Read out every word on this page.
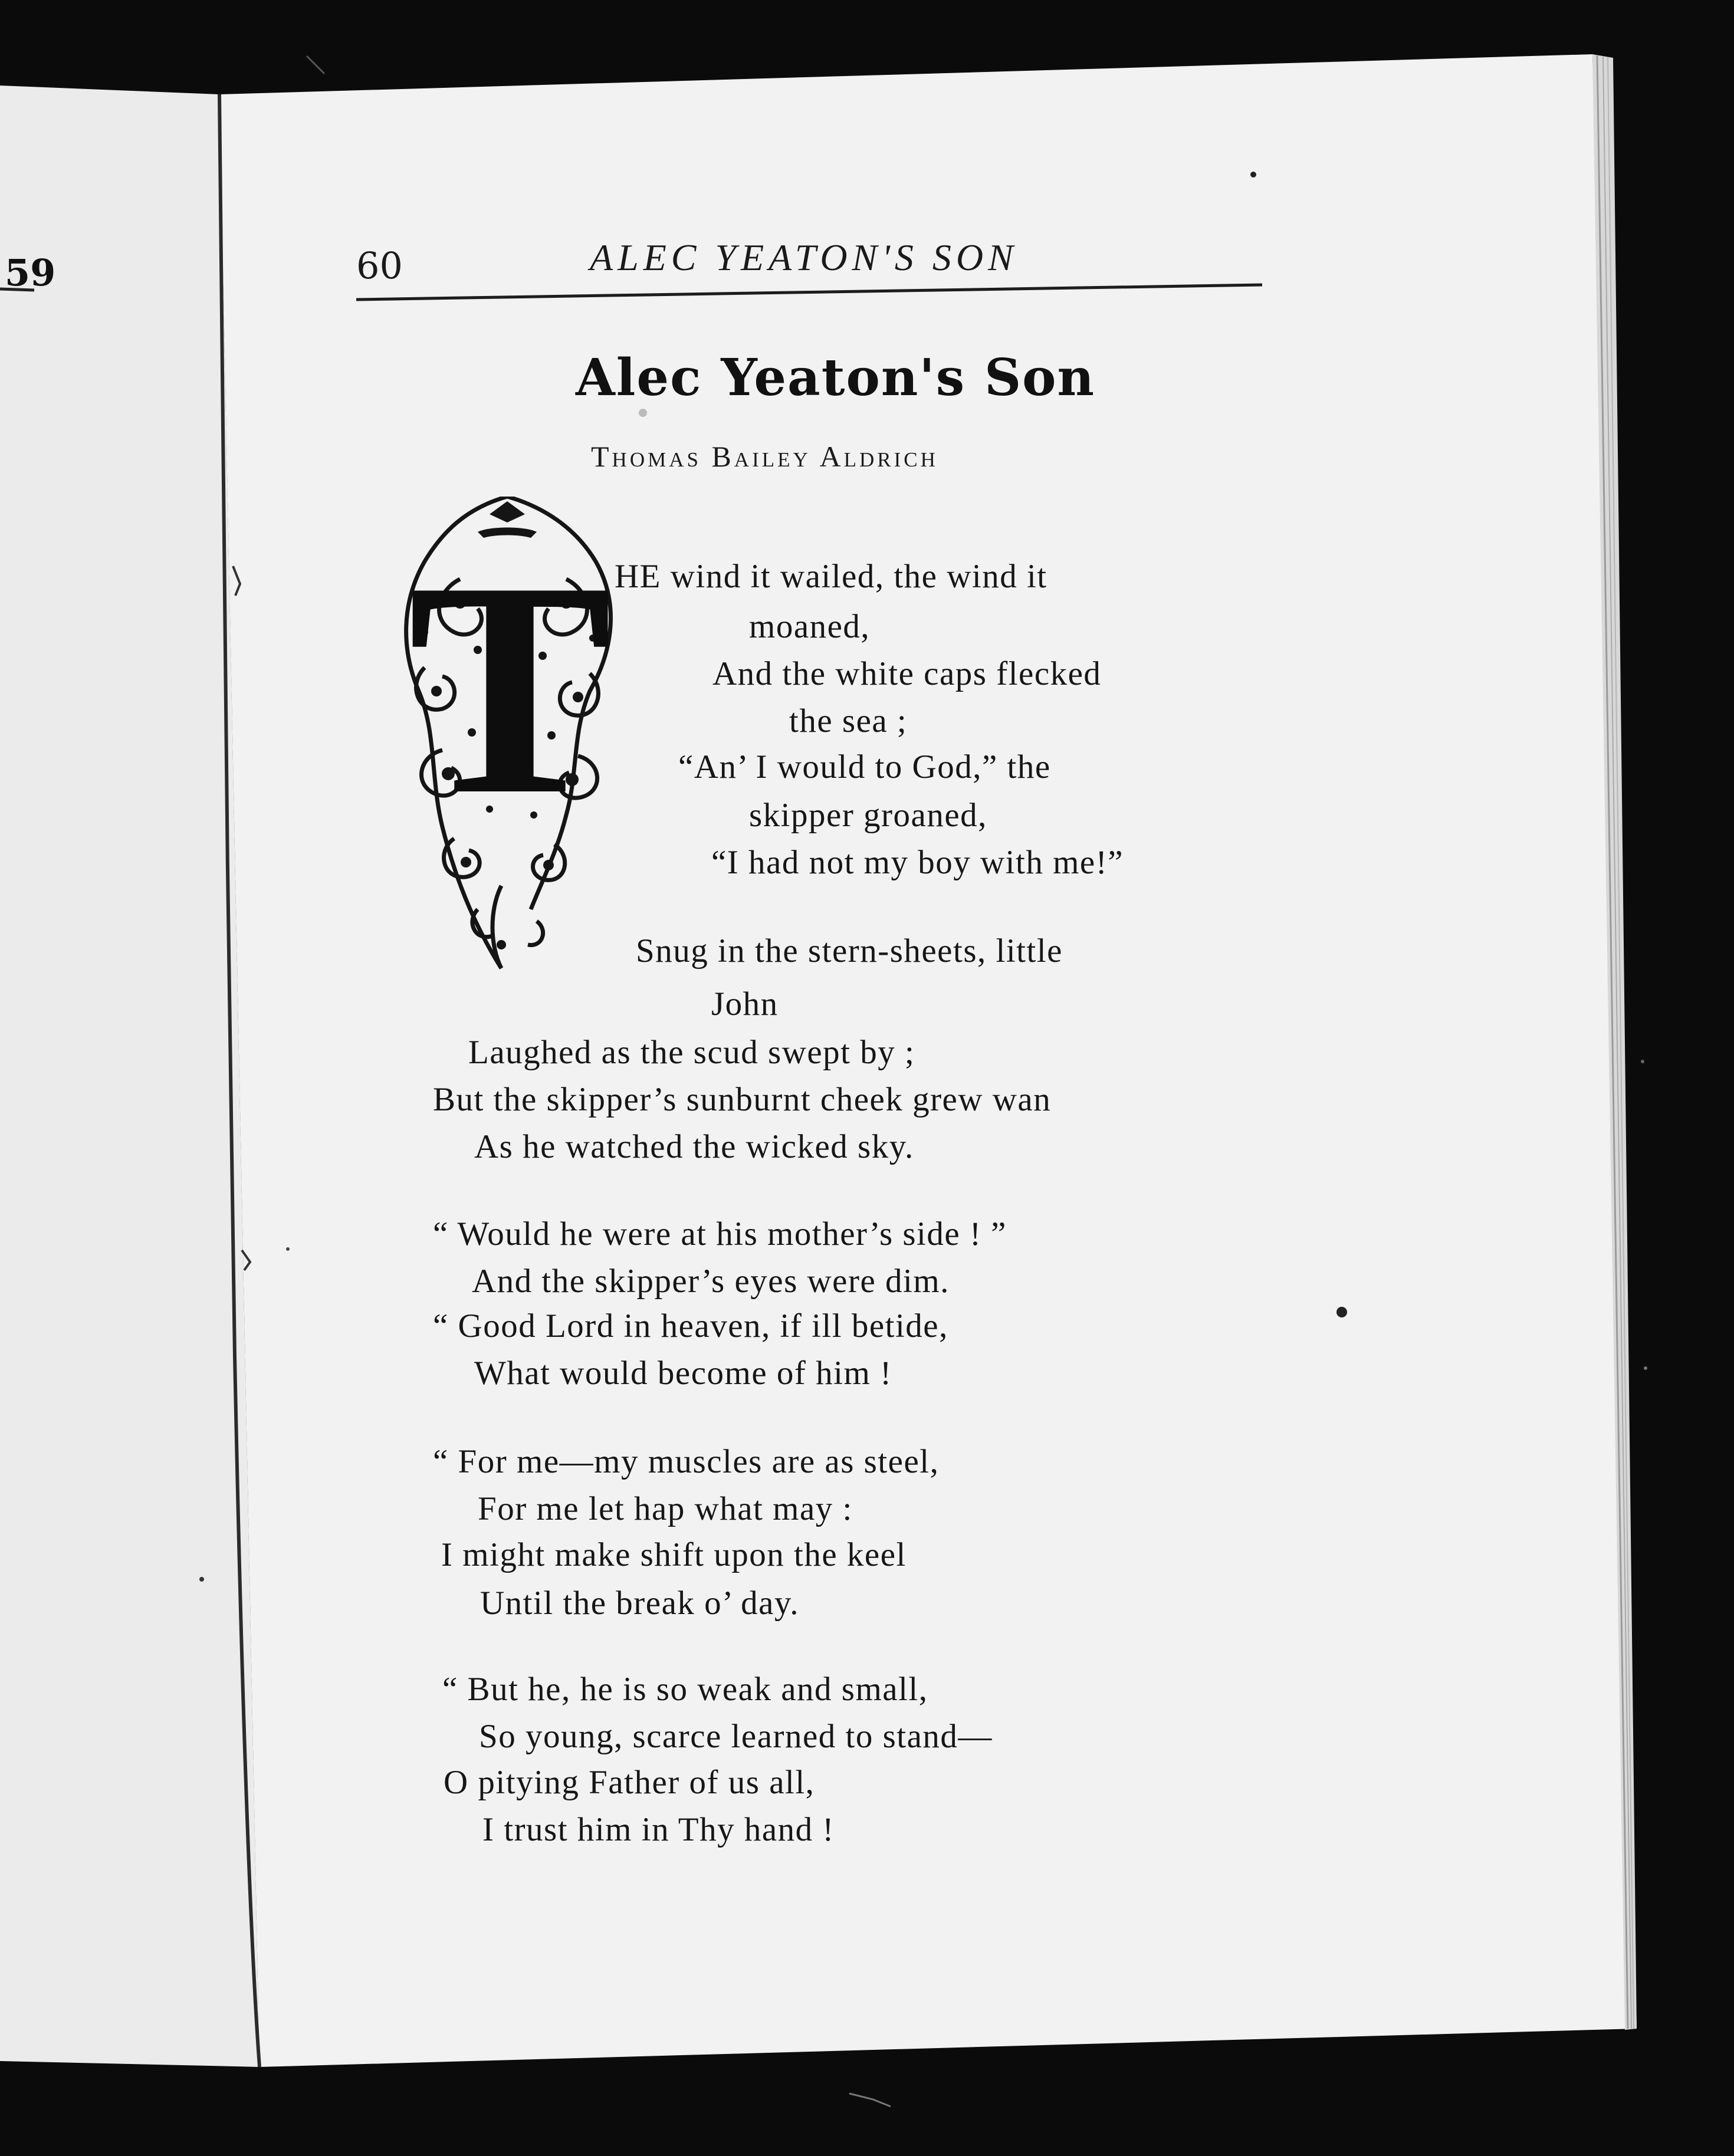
59	60	ALEC YEATON'S SON
Alec Yeaton's Son
Thomas Bailey Aldrich
T HE wind it wailed, the wind it
moaned,
And the white caps flecked
the sea ;
“An’ I would to God,” the
skipper groaned,
“I had not my boy with me!”
Snug in the stern-sheets, little
John
Laughed as the scud swept by ;
But the skipper’s sunburnt cheek grew wan
As he watched the wicked sky.
“ Would he were at his mother’s side ! ”
And the skipper’s eyes were dim.
“ Good Lord in heaven, if ill betide,
What would become of him !
“ For me—my muscles are as steel,
For me let hap what may :
I might make shift upon the keel
Until the break o’ day.
“ But he, he is so weak and small,
So young, scarce learned to stand—
O pitying Father of us all,
I trust him in Thy hand !
